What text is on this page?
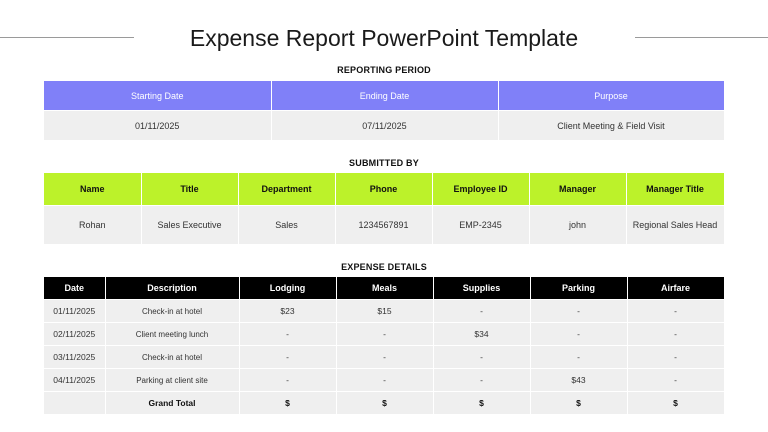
Expense Report PowerPoint Template
REPORTING PERIOD
Starting Date	Ending Date	Purpose
01/11/2025	07/11/2025	Client Meeting & Field Visit
SUBMITTED BY
Name	Title	Department	Phone	Employee ID	Manager	Manager Title
Rohan	Sales Executive	Sales	1234567891	EMP-2345	john	Regional Sales Head
EXPENSE DETAILS
Date	Description	Lodging	Meals	Supplies	Parking	Airfare
01/11/2025	Check-in at hotel	$23	$15	-	-	-
02/11/2025	Client meeting lunch	-	-	$34	-	-
03/11/2025	Check-in at hotel	-	-	-	-	-
04/11/2025	Parking at client site	-	-	-	$43	-
	Grand Total	$	$	$	$	$
